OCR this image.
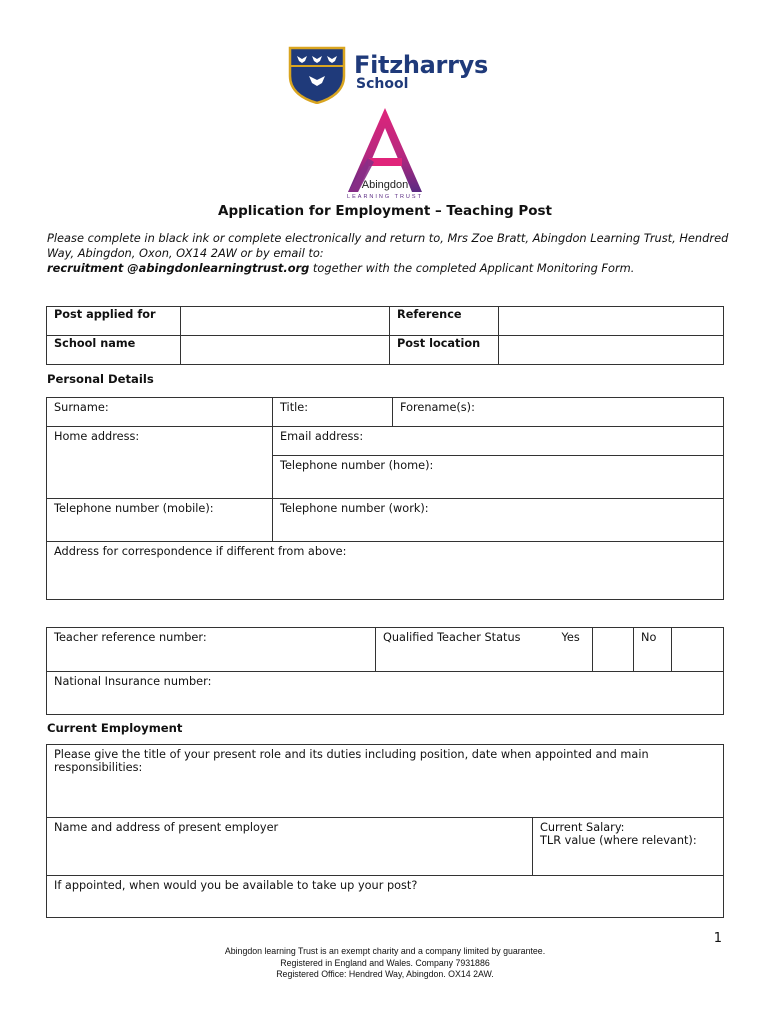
Fitzharrys
School
Abingdon
LEARNING TRUST
Application for Employment – Teaching Post
Please complete in black ink or complete electronically and return to, Mrs Zoe Bratt, Abingdon Learning Trust, Hendred Way, Abingdon, Oxon, OX14 2AW or by email to:
recruitment @abingdonlearningtrust.org together with the completed Applicant Monitoring Form.
Post applied for		Reference	
School name		Post location	
Personal Details
Surname:	Title:	Forename(s):
Home address:	Email address:	
	Telephone number (home):	
Telephone number (mobile):	Telephone number (work):	
Address for correspondence if different from above:		
Teacher reference number:	Qualified Teacher Status	Yes		No	

National Insurance number:
Current Employment
Please give the title of your present role and its duties including position, date when appointed and main responsibilities:
Name and address of present employer	Current Salary:
TLR value (where relevant):
If appointed, when would you be available to take up your post?
1
Abingdon learning Trust is an exempt charity and a company limited by guarantee.
Registered in England and Wales. Company 7931886
Registered Office: Hendred Way, Abingdon. OX14 2AW.
